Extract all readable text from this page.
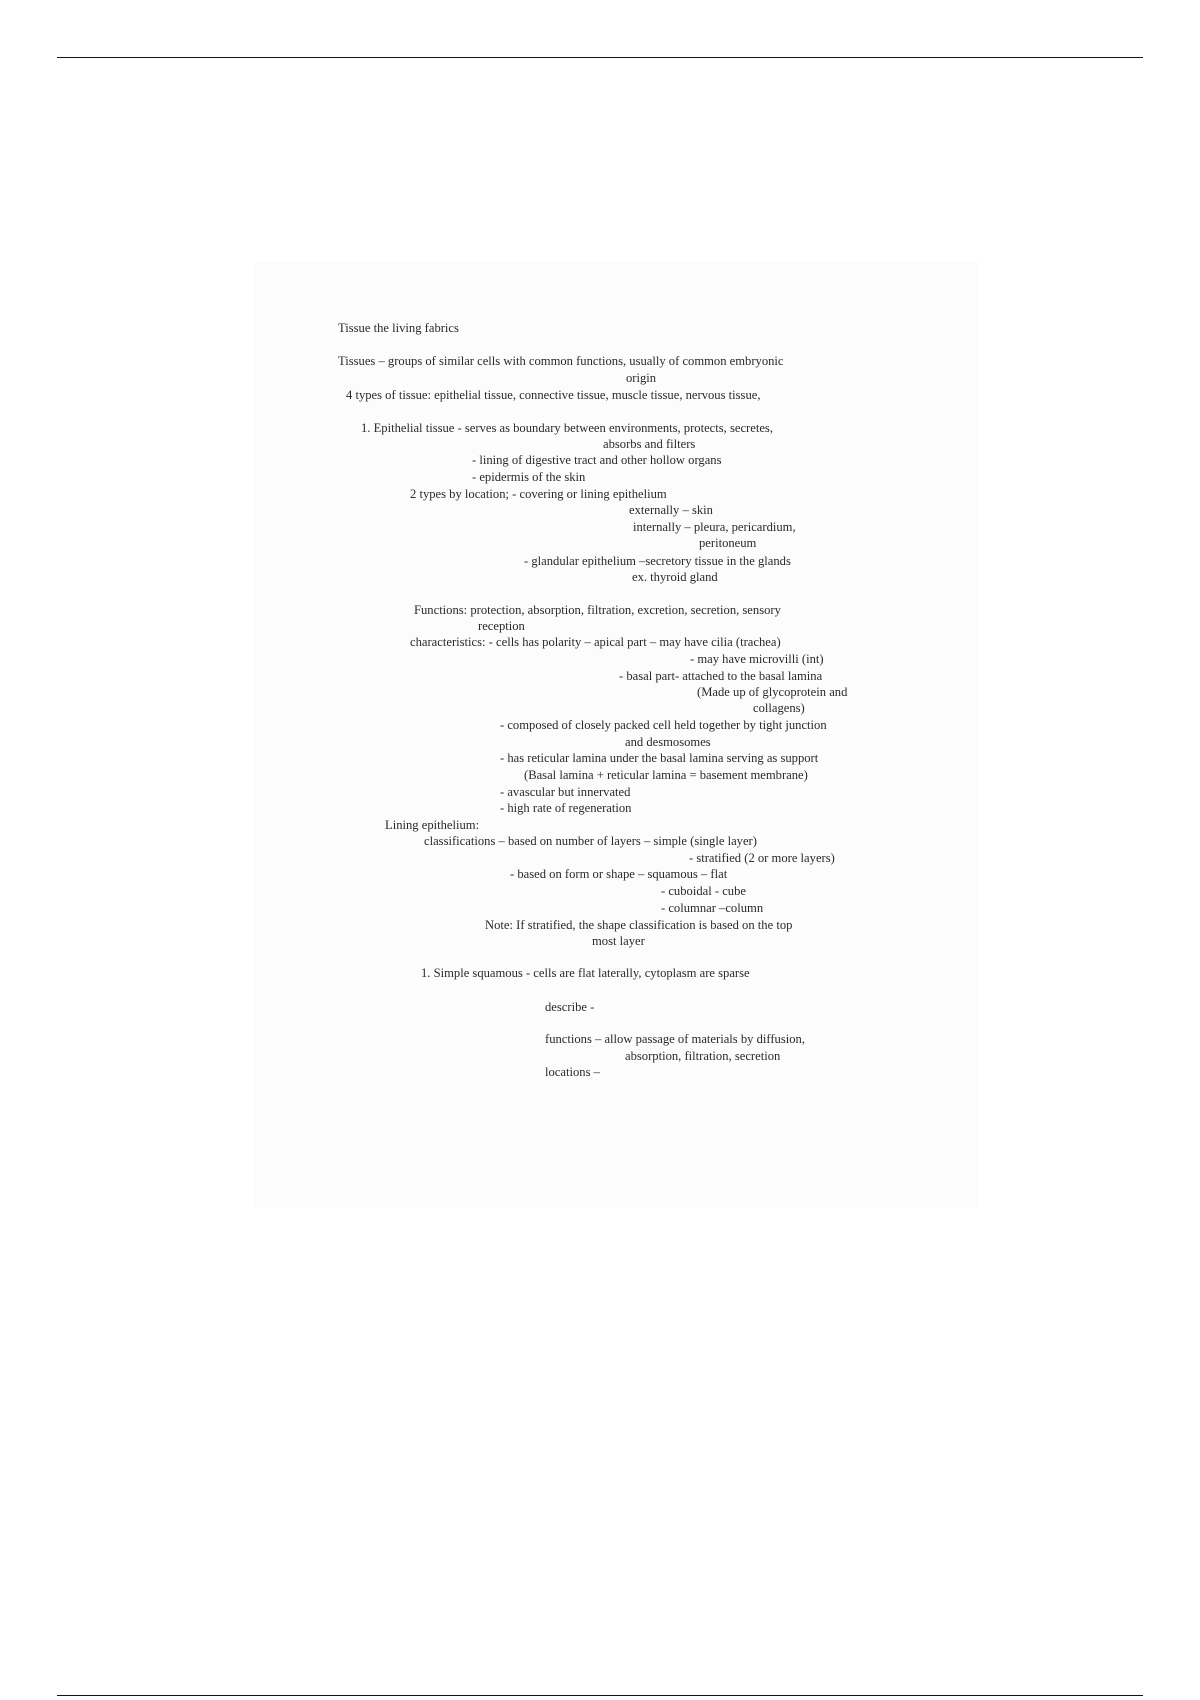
Tissue the living fabrics
Tissues – groups of similar cells with common functions, usually of common embryonic
origin
4 types of tissue: epithelial tissue, connective tissue, muscle tissue, nervous tissue,
1. Epithelial tissue - serves as boundary between environments, protects, secretes,
absorbs and filters
- lining of digestive tract and other hollow organs
- epidermis of the skin
2 types by location; - covering or lining epithelium
externally – skin
internally – pleura, pericardium,
peritoneum
- glandular epithelium –secretory tissue in the glands
ex. thyroid gland
Functions: protection, absorption, filtration, excretion, secretion, sensory
reception
characteristics: - cells has polarity – apical part – may have cilia (trachea)
- may have microvilli (int)
- basal part- attached to the basal lamina
(Made up of glycoprotein and
collagens)
- composed of closely packed cell held together by tight junction
and desmosomes
- has reticular lamina under the basal lamina serving as support
(Basal lamina + reticular lamina = basement membrane)
- avascular but innervated
- high rate of regeneration
Lining epithelium:
classifications – based on number of layers – simple (single layer)
- stratified (2 or more layers)
- based on form or shape – squamous – flat
- cuboidal - cube
- columnar –column
Note: If stratified, the shape classification is based on the top
most layer
1. Simple squamous - cells are flat laterally, cytoplasm are sparse
describe -
functions – allow passage of materials by diffusion,
absorption, filtration, secretion
locations –
